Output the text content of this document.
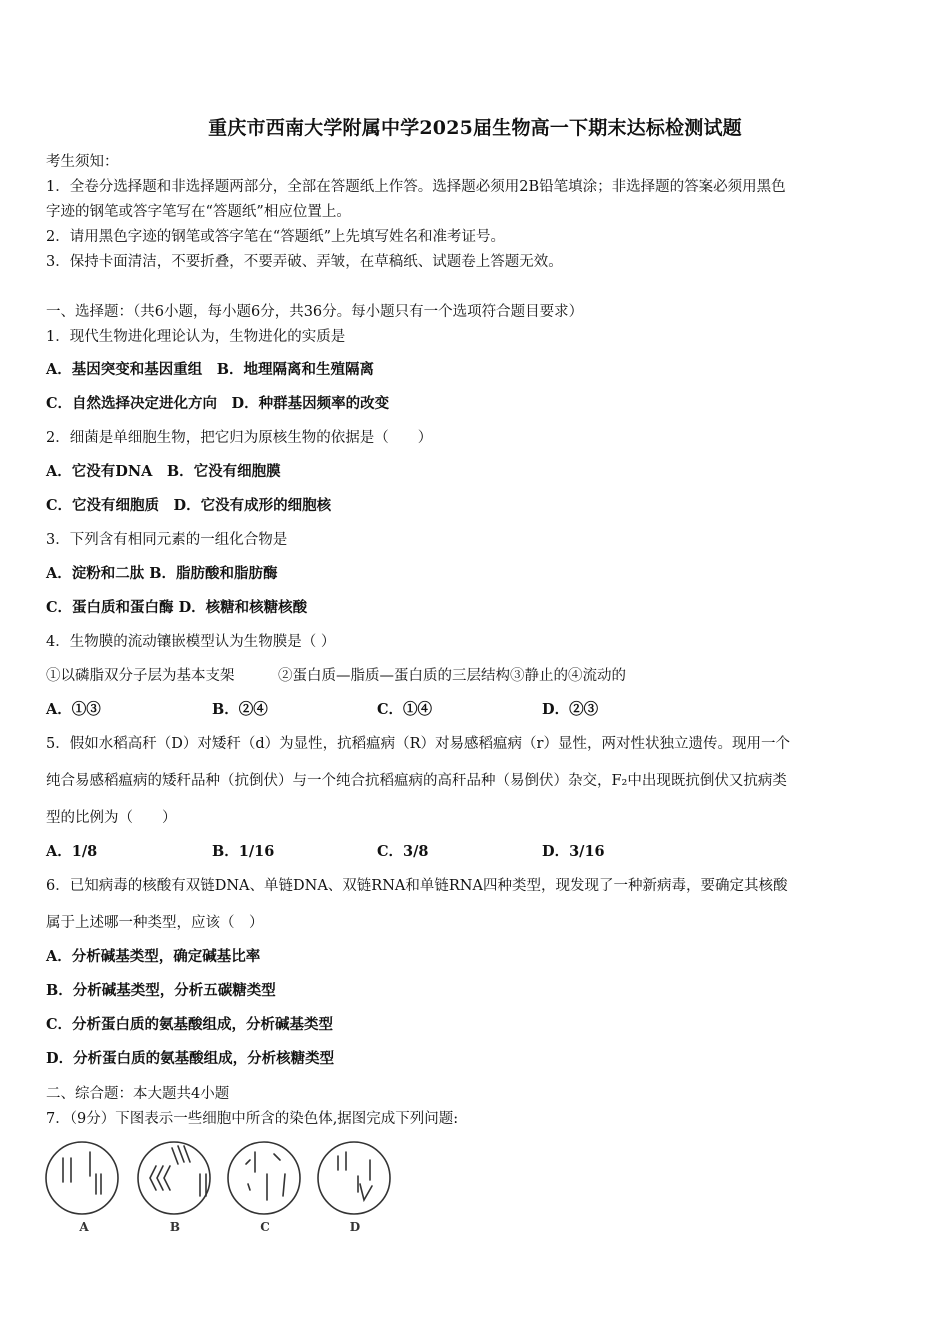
重庆市西南大学附属中学2025届生物高一下期末达标检测试题
考生须知：
1．全卷分选择题和非选择题两部分，全部在答题纸上作答。选择题必须用2B铅笔填涂；非选择题的答案必须用黑色
字迹的钢笔或答字笔写在“答题纸”相应位置上。
2．请用黑色字迹的钢笔或答字笔在“答题纸”上先填写姓名和准考证号。
3．保持卡面清洁，不要折叠，不要弄破、弄皱，在草稿纸、试题卷上答题无效。
一、选择题：（共6小题，每小题6分，共36分。每小题只有一个选项符合题目要求）
1．现代生物进化理论认为，生物进化的实质是
A．基因突变和基因重组　B．地理隔离和生殖隔离
C．自然选择决定进化方向　D．种群基因频率的改变
2．细菌是单细胞生物，把它归为原核生物的依据是（　　）
A．它没有DNA　B．它没有细胞膜
C．它没有细胞质　D．它没有成形的细胞核
3．下列含有相同元素的一组化合物是
A．淀粉和二肽 B．脂肪酸和脂肪酶
C．蛋白质和蛋白酶 D．核糖和核糖核酸
4．生物膜的流动镶嵌模型认为生物膜是（ ）
①以磷脂双分子层为基本支架　　　②蛋白质—脂质—蛋白质的三层结构③静止的④流动的
A．①③	B．②④	C．①④	D．②③
5．假如水稻高秆（D）对矮秆（d）为显性，抗稻瘟病（R）对易感稻瘟病（r）显性，两对性状独立遗传。现用一个
纯合易感稻瘟病的矮秆品种（抗倒伏）与一个纯合抗稻瘟病的高秆品种（易倒伏）杂交，F₂中出现既抗倒伏又抗病类
型的比例为（　　）
A．1/8	B．1/16	C．3/8	D．3/16
6．已知病毒的核酸有双链DNA、单链DNA、双链RNA和单链RNA四种类型，现发现了一种新病毒，要确定其核酸
属于上述哪一种类型，应该（　）
A．分析碱基类型，确定碱基比率
B．分析碱基类型，分析五碳糖类型
C．分析蛋白质的氨基酸组成，分析碱基类型
D．分析蛋白质的氨基酸组成，分析核糖类型
二、综合题：本大题共4小题
7．（9分）下图表示一些细胞中所含的染色体,据图完成下列问题:
A	B	C	D
